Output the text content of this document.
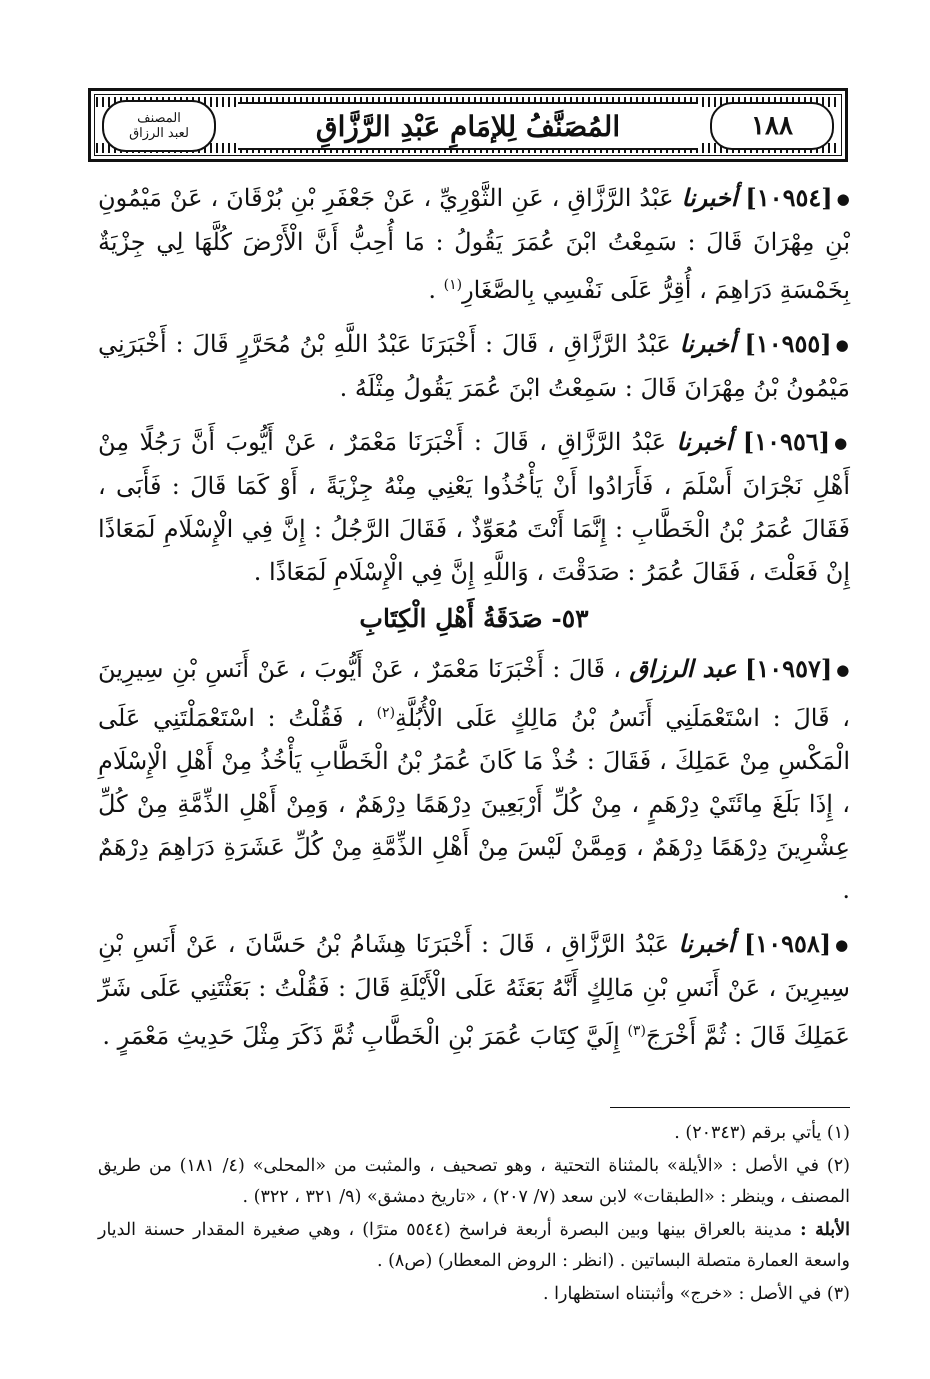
١٨٨
المُصَنَّفُ لِلإمَامِ عَبْدِ الرَّزَّاقِ
المصنف
لعبد الرزاق

●[١٠٩٥٤] أخبرنا عَبْدُ الرَّزَّاقِ ، عَنِ الثَّوْرِيِّ ، عَنْ جَعْفَرِ بْنِ بُرْقَانَ ، عَنْ مَيْمُونِ بْنِ مِهْرَانَ قَالَ : سَمِعْتُ ابْنَ عُمَرَ يَقُولُ : مَا أُحِبُّ أَنَّ الْأَرْضَ كُلَّهَا لِي جِزْيَةٌ بِخَمْسَةِ دَرَاهِمَ ، أُقِرُّ عَلَى نَفْسِي بِالصَّغَارِ$^{(١)}$ .

●[١٠٩٥٥] أخبرنا عَبْدُ الرَّزَّاقِ ، قَالَ : أَخْبَرَنَا عَبْدُ اللَّهِ بْنُ مُحَرَّرٍ قَالَ : أَخْبَرَنِي مَيْمُونُ بْنُ مِهْرَانَ قَالَ : سَمِعْتُ ابْنَ عُمَرَ يَقُولُ مِثْلَهُ .

●[١٠٩٥٦] أخبرنا عَبْدُ الرَّزَّاقِ ، قَالَ : أَخْبَرَنَا مَعْمَرٌ ، عَنْ أَيُّوبَ أَنَّ رَجُلًا مِنْ أَهْلِ نَجْرَانَ أَسْلَمَ ، فَأَرَادُوا أَنْ يَأْخُذُوا يَعْنِي مِنْهُ جِزْيَةً ، أَوْ كَمَا قَالَ : فَأَبَى ، فَقَالَ عُمَرُ بْنُ الْخَطَّابِ : إِنَّمَا أَنْتَ مُعَوِّذٌ ، فَقَالَ الرَّجُلُ : إِنَّ فِي الْإِسْلَامِ لَمَعَاذًا إِنْ فَعَلْتَ ، فَقَالَ عُمَرُ : صَدَقْتَ ، وَاللَّهِ إِنَّ فِي الْإِسْلَامِ لَمَعَاذًا .

٥٣- صَدَقَةُ أَهْلِ الْكِتَابِ

●[١٠٩٥٧] عبد الرزاق ، قَالَ : أَخْبَرَنَا مَعْمَرٌ ، عَنْ أَيُّوبَ ، عَنْ أَنَسِ بْنِ سِيرِينَ ، قَالَ : اسْتَعْمَلَنِي أَنَسُ بْنُ مَالِكٍ عَلَى الْأُبُلَّةِ$^{(٢)}$ ، فَقُلْتُ : اسْتَعْمَلْتَنِي عَلَى الْمَكْسِ مِنْ عَمَلِكَ ، فَقَالَ : خُذْ مَا كَانَ عُمَرُ بْنُ الْخَطَّابِ يَأْخُذُ مِنْ أَهْلِ الْإِسْلَامِ ، إِذَا بَلَغَ مِائَتَيْ دِرْهَمٍ ، مِنْ كُلِّ أَرْبَعِينَ دِرْهَمًا دِرْهَمٌ ، وَمِنْ أَهْلِ الذِّمَّةِ مِنْ كُلِّ عِشْرِينَ دِرْهَمًا دِرْهَمٌ ، وَمِمَّنْ لَيْسَ مِنْ أَهْلِ الذِّمَّةِ مِنْ كُلِّ عَشَرَةِ دَرَاهِمَ دِرْهَمٌ .

●[١٠٩٥٨] أخبرنا عَبْدُ الرَّزَّاقِ ، قَالَ : أَخْبَرَنَا هِشَامُ بْنُ حَسَّانَ ، عَنْ أَنَسِ بْنِ سِيرِينَ ، عَنْ أَنَسِ بْنِ مَالِكٍ أَنَّهُ بَعَثَهُ عَلَى الْأَيْلَةِ قَالَ : فَقُلْتُ : بَعَثْتَنِي عَلَى شَرِّ عَمَلِكَ قَالَ : ثُمَّ أَخْرَجَ$^{(٣)}$ إِلَيَّ كِتَابَ عُمَرَ بْنِ الْخَطَّابِ ثُمَّ ذَكَرَ مِثْلَ حَدِيثِ مَعْمَرٍ .

(١) يأتي برقم (٢٠٣٤٣) .

(٢) في الأصل : «الأيلة» بالمثناة التحتية ، وهو تصحيف ، والمثبت من «المحلى» (٤/ ١٨١) من طريق المصنف ، وينظر : «الطبقات» لابن سعد (٧/ ٢٠٧) ، «تاريخ دمشق» (٩/ ٣٢١ ، ٣٢٢) .

الأبلة : مدينة بالعراق بينها وبين البصرة أربعة فراسخ (٥٥٤٤ مترًا) ، وهي صغيرة المقدار حسنة الديار واسعة العمارة متصلة البساتين . (انظر : الروض المعطار) (ص٨) .

(٣) في الأصل : «خرج» وأثبتناه استظهارا .
